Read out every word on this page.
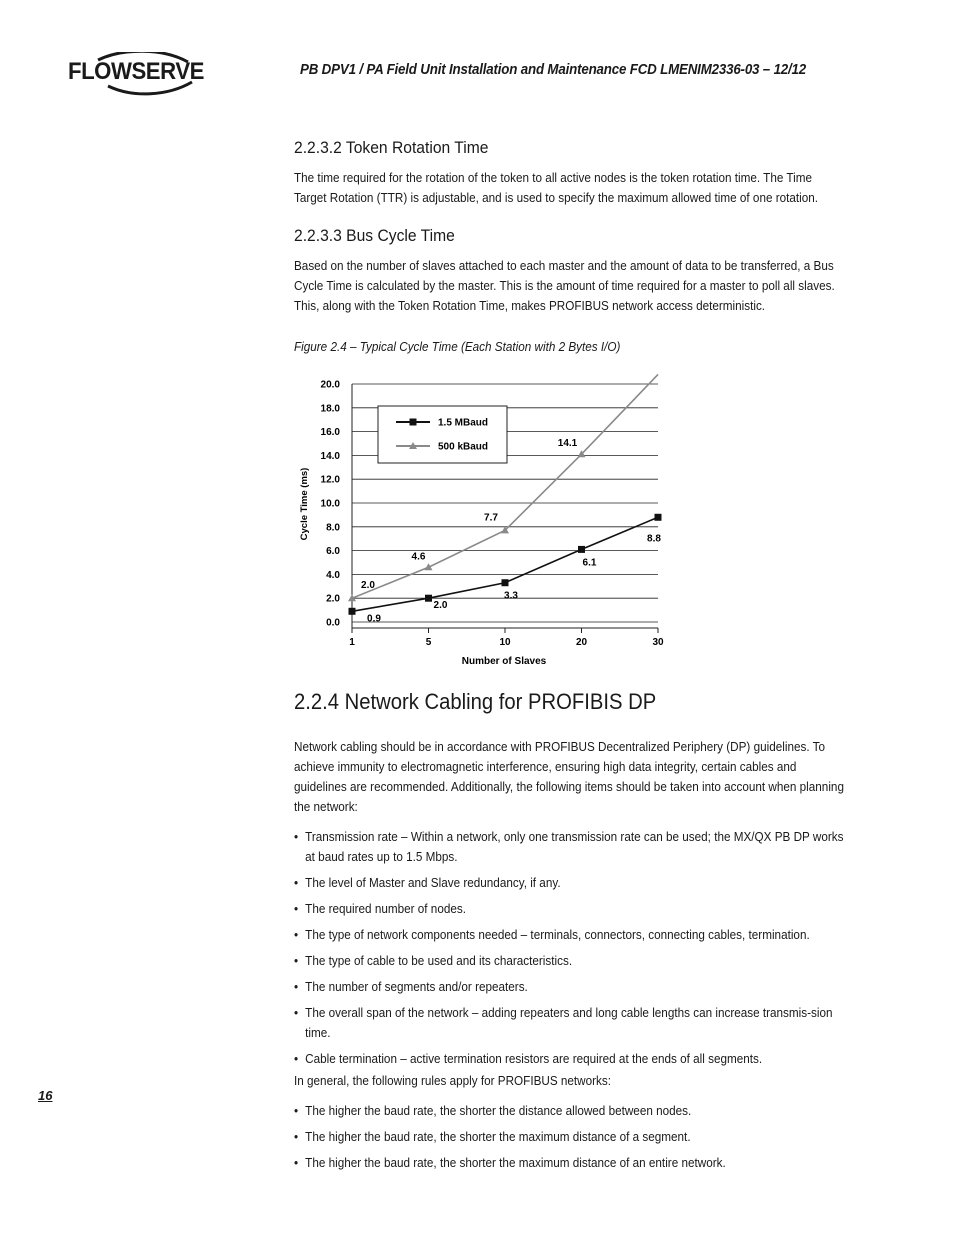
FLOWSERVE	PB DPV1 / PA Field Unit Installation and Maintenance FCD LMENIM2336-03 – 12/12
2.2.3.2 Token Rotation Time

The time required for the rotation of the token to all active nodes is the token rotation time. The Time Target Rotation (TTR) is adjustable, and is used to specify the maximum allowed time of one rotation.

2.2.3.3 Bus Cycle Time

Based on the number of slaves attached to each master and the amount of data to be transferred, a Bus Cycle Time is calculated by the master. This is the amount of time required for a master to poll all slaves. This, along with the Token Rotation Time, makes PROFIBUS network access deterministic.

Figure 2.4 – Typical Cycle Time (Each Station with 2 Bytes I/O)
0.0
2.0
4.0
6.0
8.0
10.0
12.0
14.0
16.0
18.0
20.0
1	5	10	20	30
0.9
2.0
3.3
6.1
8.8
2.0
4.6
7.7
14.1
Cycle Time (ms)
Number of Slaves
1.5 MBaud
500 kBaud
2.2.4 Network Cabling for PROFIBIS DP

Network cabling should be in accordance with PROFIBUS Decentralized Periphery (DP) guidelines. To achieve immunity to electromagnetic interference, ensuring high data integrity, certain cables and guidelines are recommended. Additionally, the following items should be taken into account when planning the network:

• Transmission rate – Within a network, only one transmission rate can be used; the MX/QX PB DP works at baud rates up to 1.5 Mbps.
• The level of Master and Slave redundancy, if any.
• The required number of nodes.
• The type of network components needed – terminals, connectors, connecting cables, termination.
• The type of cable to be used and its characteristics.
• The number of segments and/or repeaters.
• The overall span of the network – adding repeaters and long cable lengths can increase transmis-sion time.
• Cable termination – active termination resistors are required at the ends of all segments.

In general, the following rules apply for PROFIBUS networks:

• The higher the baud rate, the shorter the distance allowed between nodes.
• The higher the baud rate, the shorter the maximum distance of a segment.
• The higher the baud rate, the shorter the maximum distance of an entire network.
16
